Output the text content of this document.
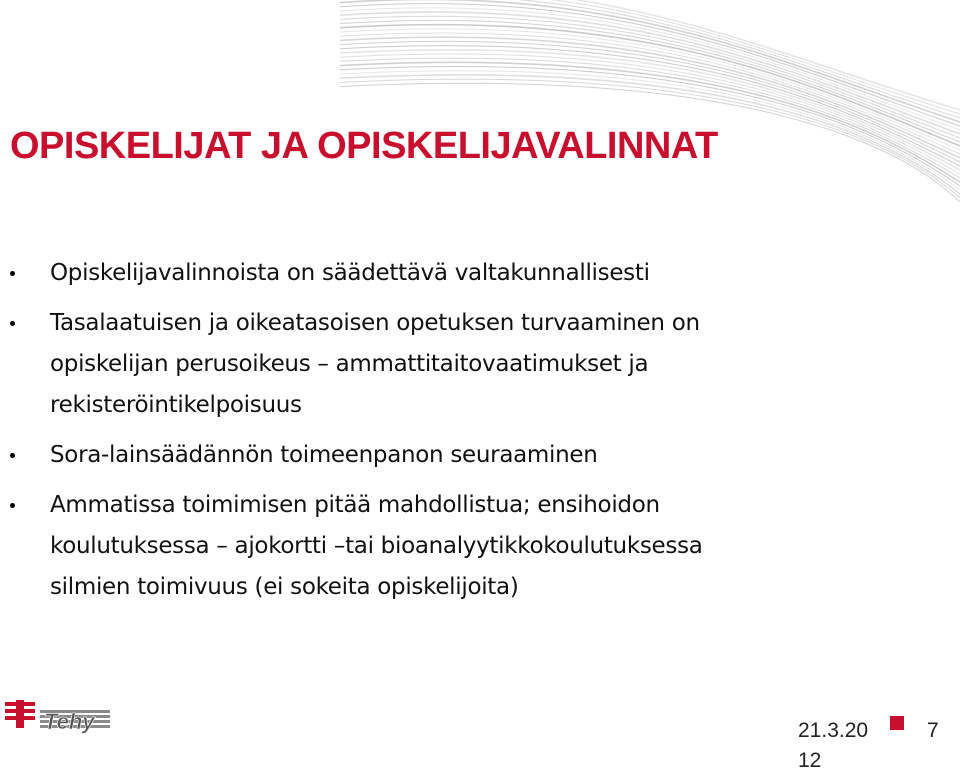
OPISKELIJAT JA OPISKELIJAVALINNAT
Opiskelijavalinnoista on säädettävä valtakunnallisesti
Tasalaatuisen ja oikeatasoisen opetuksen turvaaminen on
opiskelijan perusoikeus – ammattitaitovaatimukset ja
rekisteröintikelpoisuus
Sora-lainsäädännön toimeenpanon seuraaminen
Ammatissa toimimisen pitää mahdollistua; ensihoidon
koulutuksessa – ajokortti –tai bioanalyytikkokoulutuksessa
silmien toimivuus (ei sokeita opiskelijoita)
Tehy	21.3.2012
7
